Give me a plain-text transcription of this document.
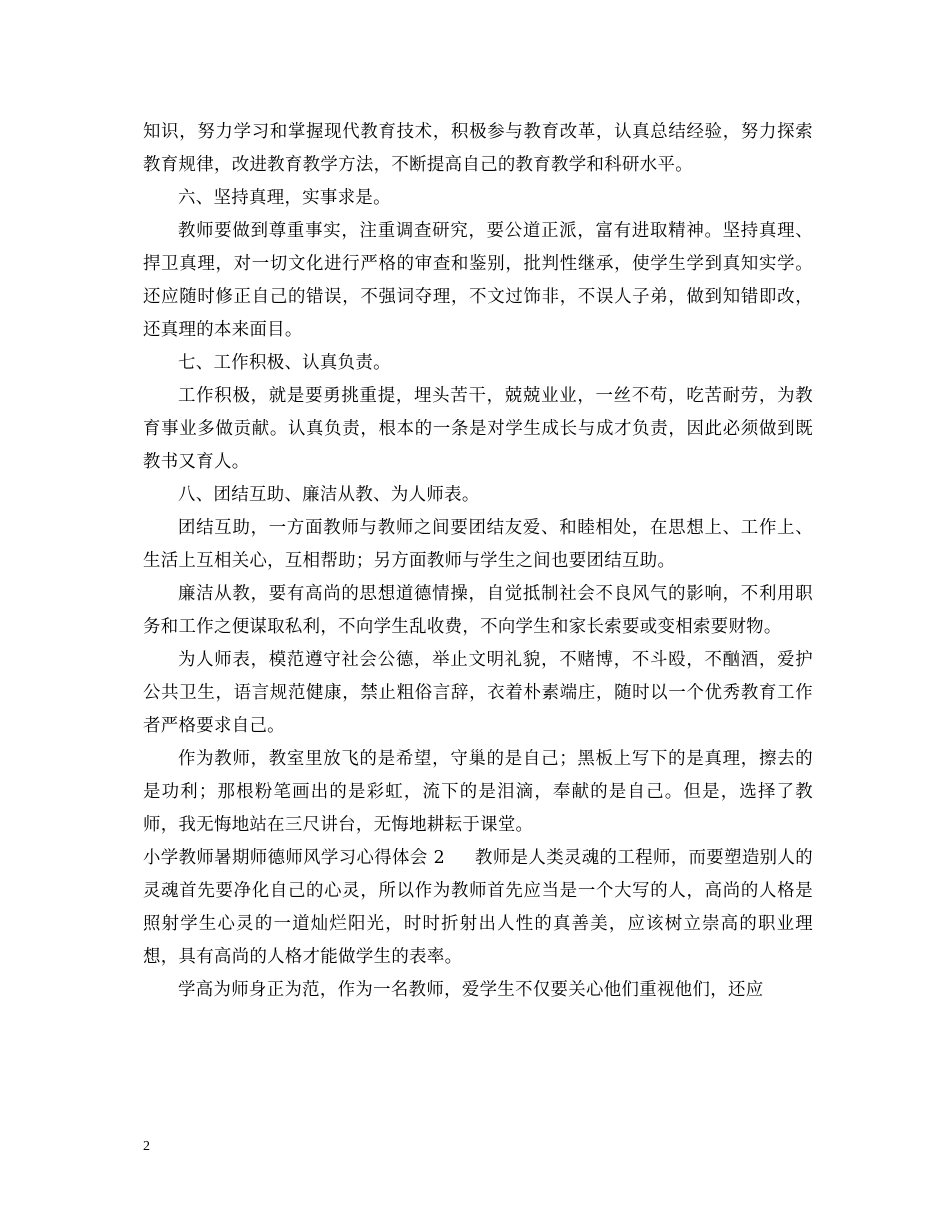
知识，努力学习和掌握现代教育技术，积极参与教育改革，认真总结经验，努力探索教育规律，改进教育教学方法，不断提高自己的教育教学和科研水平。

六、坚持真理，实事求是。

教师要做到尊重事实，注重调查研究，要公道正派，富有进取精神。坚持真理、捍卫真理，对一切文化进行严格的审查和鉴别，批判性继承，使学生学到真知实学。还应随时修正自己的错误，不强词夺理，不文过饰非，不误人子弟，做到知错即改，还真理的本来面目。

七、工作积极、认真负责。

工作积极，就是要勇挑重提，埋头苦干，兢兢业业，一丝不苟，吃苦耐劳，为教育事业多做贡献。认真负责，根本的一条是对学生成长与成才负责，因此必须做到既教书又育人。

八、团结互助、廉洁从教、为人师表。

团结互助，一方面教师与教师之间要团结友爱、和睦相处，在思想上、工作上、生活上互相关心，互相帮助；另方面教师与学生之间也要团结互助。

廉洁从教，要有高尚的思想道德情操，自觉抵制社会不良风气的影响，不利用职务和工作之便谋取私利，不向学生乱收费，不向学生和家长索要或变相索要财物。

为人师表，模范遵守社会公德，举止文明礼貌，不赌博，不斗殴，不酗酒，爱护公共卫生，语言规范健康，禁止粗俗言辞，衣着朴素端庄，随时以一个优秀教育工作者严格要求自己。

作为教师，教室里放飞的是希望，守巢的是自己；黑板上写下的是真理，擦去的是功利；那根粉笔画出的是彩虹，流下的是泪滴，奉献的是自己。但是，选择了教师，我无悔地站在三尺讲台，无悔地耕耘于课堂。

小学教师暑期师德师风学习心得体会 2 教师是人类灵魂的工程师，而要塑造别人的灵魂首先要净化自己的心灵，所以作为教师首先应当是一个大写的人，高尚的人格是照射学生心灵的一道灿烂阳光，时时折射出人性的真善美，应该树立崇高的职业理想，具有高尚的人格才能做学生的表率。

学高为师身正为范，作为一名教师，爱学生不仅要关心他们重视他们，还应

2
